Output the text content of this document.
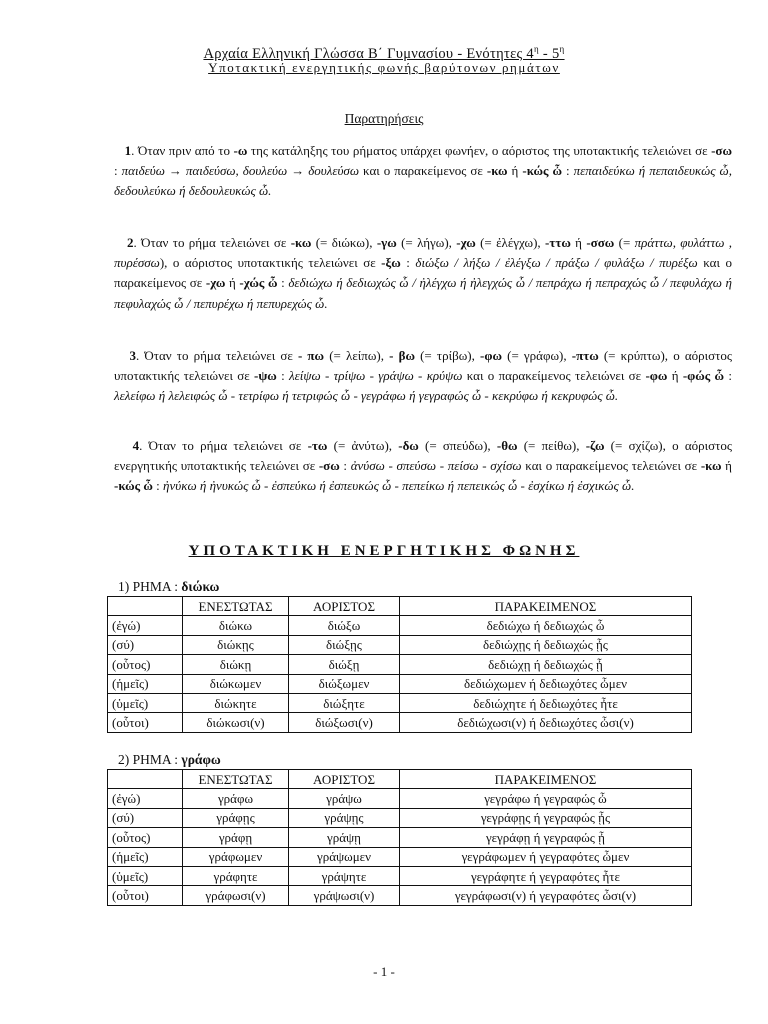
Αρχαία Ελληνική Γλώσσα Β΄ Γυμνασίου - Ενότητες $4^\eta - 5^\eta$
Υποτακτική ενεργητικής φωνής βαρύτονων ρημάτων
Παρατηρήσεις
1. Όταν πριν από το -ω της κατάληξης του ρήματος υπάρχει φωνήεν, ο αόριστος της υποτακτικής τελειώνει σε -σω : παιδεύω → παιδεύσω, δουλεύω → δουλεύσω και ο παρακείμενος σε -κω ή -κώς ὦ : πεπαιδεύκω ή πεπαιδευκώς ὦ, δεδουλεύκω ή δεδουλευκώς ὦ.
2. Όταν το ρήμα τελειώνει σε -κω (= διώκω), -γω (= λήγω), -χω (= ἐλέγχω), -ττω ή -σσω (= πράττω, φυλάττω , πυρέσσω), ο αόριστος υποτακτικής τελειώνει σε -ξω : διώξω / λήξω / ἐλέγξω / πράξω / φυλάξω / πυρέξω και ο παρακείμενος σε -χω ή -χώς ὦ : δεδιώχω ή δεδιωχώς ὦ / ἠλέγχω ή ἠλεγχώς ὦ / πεπράχω ή πεπραχώς ὦ / πεφυλάχω ή πεφυλαχώς ὦ / πεπυρέχω ή πεπυρεχώς ὦ.
3. Όταν το ρήμα τελειώνει σε - πω (= λείπω), - βω (= τρίβω), -φω (= γράφω), -πτω (= κρύπτω), ο αόριστος υποτακτικής τελειώνει σε -ψω : λείψω - τρίψω - γράψω - κρύψω και ο παρακείμενος τελειώνει σε -φω ή -φώς ὦ : λελείφω ή λελειφώς ὦ - τετρίφω ή τετριφώς ὦ - γεγράφω ή γεγραφώς ὦ - κεκρύφω ή κεκρυφώς ὦ.
4. Όταν το ρήμα τελειώνει σε -τω (= ἀνύτω), -δω (= σπεύδω), -θω (= πείθω), -ζω (= σχίζω), ο αόριστος ενεργητικής υποτακτικής τελειώνει σε -σω : ἀνύσω - σπεύσω - πείσω - σχίσω και ο παρακείμενος τελειώνει σε -κω ή -κώς ὦ : ἠνύκω ή ἠνυκώς ὦ - ἐσπεύκω ή ἐσπευκώς ὦ - πεπείκω ή πεπεικώς ὦ - ἐσχίκω ή ἐσχικώς ὦ.
ΥΠΟΤΑΚΤΙΚΗ ΕΝΕΡΓΗΤΙΚΗΣ ΦΩΝΗΣ
1) ΡΗΜΑ : διώκω
	ΕΝΕΣΤΩΤΑΣ	ΑΟΡΙΣΤΟΣ	ΠΑΡΑΚΕΙΜΕΝΟΣ
(ἐγώ)	διώκω	διώξω	δεδιώχω ή δεδιωχώς ὦ
(σύ)	διώκῃς	διώξῃς	δεδιώχῃς ή δεδιωχώς ᾖς
(οὗτος)	διώκῃ	διώξῃ	δεδιώχῃ ή δεδιωχώς ᾖ
(ἡμεῖς)	διώκωμεν	διώξωμεν	δεδιώχωμεν ή δεδιωχότες ὦμεν
(ὑμεῖς)	διώκητε	διώξητε	δεδιώχητε ή δεδιωχότες ἦτε
(οὗτοι)	διώκωσι(ν)	διώξωσι(ν)	δεδιώχωσι(ν) ή δεδιωχότες ὦσι(ν)
2) ΡΗΜΑ : γράφω
	ΕΝΕΣΤΩΤΑΣ	ΑΟΡΙΣΤΟΣ	ΠΑΡΑΚΕΙΜΕΝΟΣ
(ἐγώ)	γράφω	γράψω	γεγράφω ή γεγραφώς ὦ
(σύ)	γράφῃς	γράψῃς	γεγράφῃς ή γεγραφώς ᾖς
(οὗτος)	γράφῃ	γράψῃ	γεγράφῃ ή γεγραφώς ᾖ
(ἡμεῖς)	γράφωμεν	γράψωμεν	γεγράφωμεν ή γεγραφότες ὦμεν
(ὑμεῖς)	γράφητε	γράψητε	γεγράφητε ή γεγραφότες ἦτε
(οὗτοι)	γράφωσι(ν)	γράψωσι(ν)	γεγράφωσι(ν) ή γεγραφότες ὦσι(ν)
- 1 -
